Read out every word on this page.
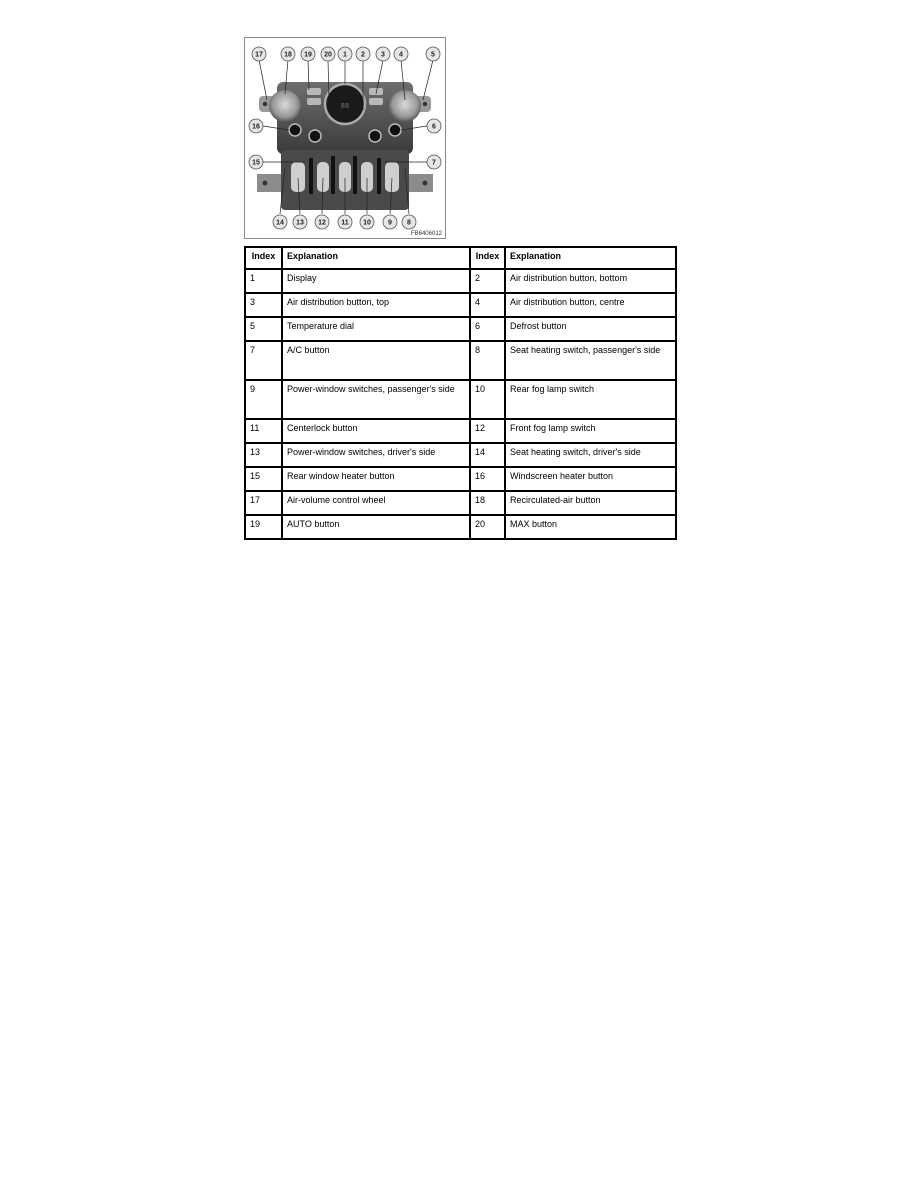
88
17	18 19 20 1 2 3 4	5
16	6
15	7
14 13 12 11 10 9 8
FB6406012
Index	Explanation	Index	Explanation
1	Display	2	Air distribution button, bottom
3	Air distribution button, top	4	Air distribution button, centre
5	Temperature dial	6	Defrost button
7	A/C button	8	Seat heating switch, passenger's side
9	Power-window switches, passenger's side	10	Rear fog lamp switch
11	Centerlock button	12	Front fog lamp switch
13	Power-window switches, driver's side	14	Seat heating switch, driver's side
15	Rear window heater button	16	Windscreen heater button
17	Air-volume control wheel	18	Recirculated-air button
19	AUTO button	20	MAX button
